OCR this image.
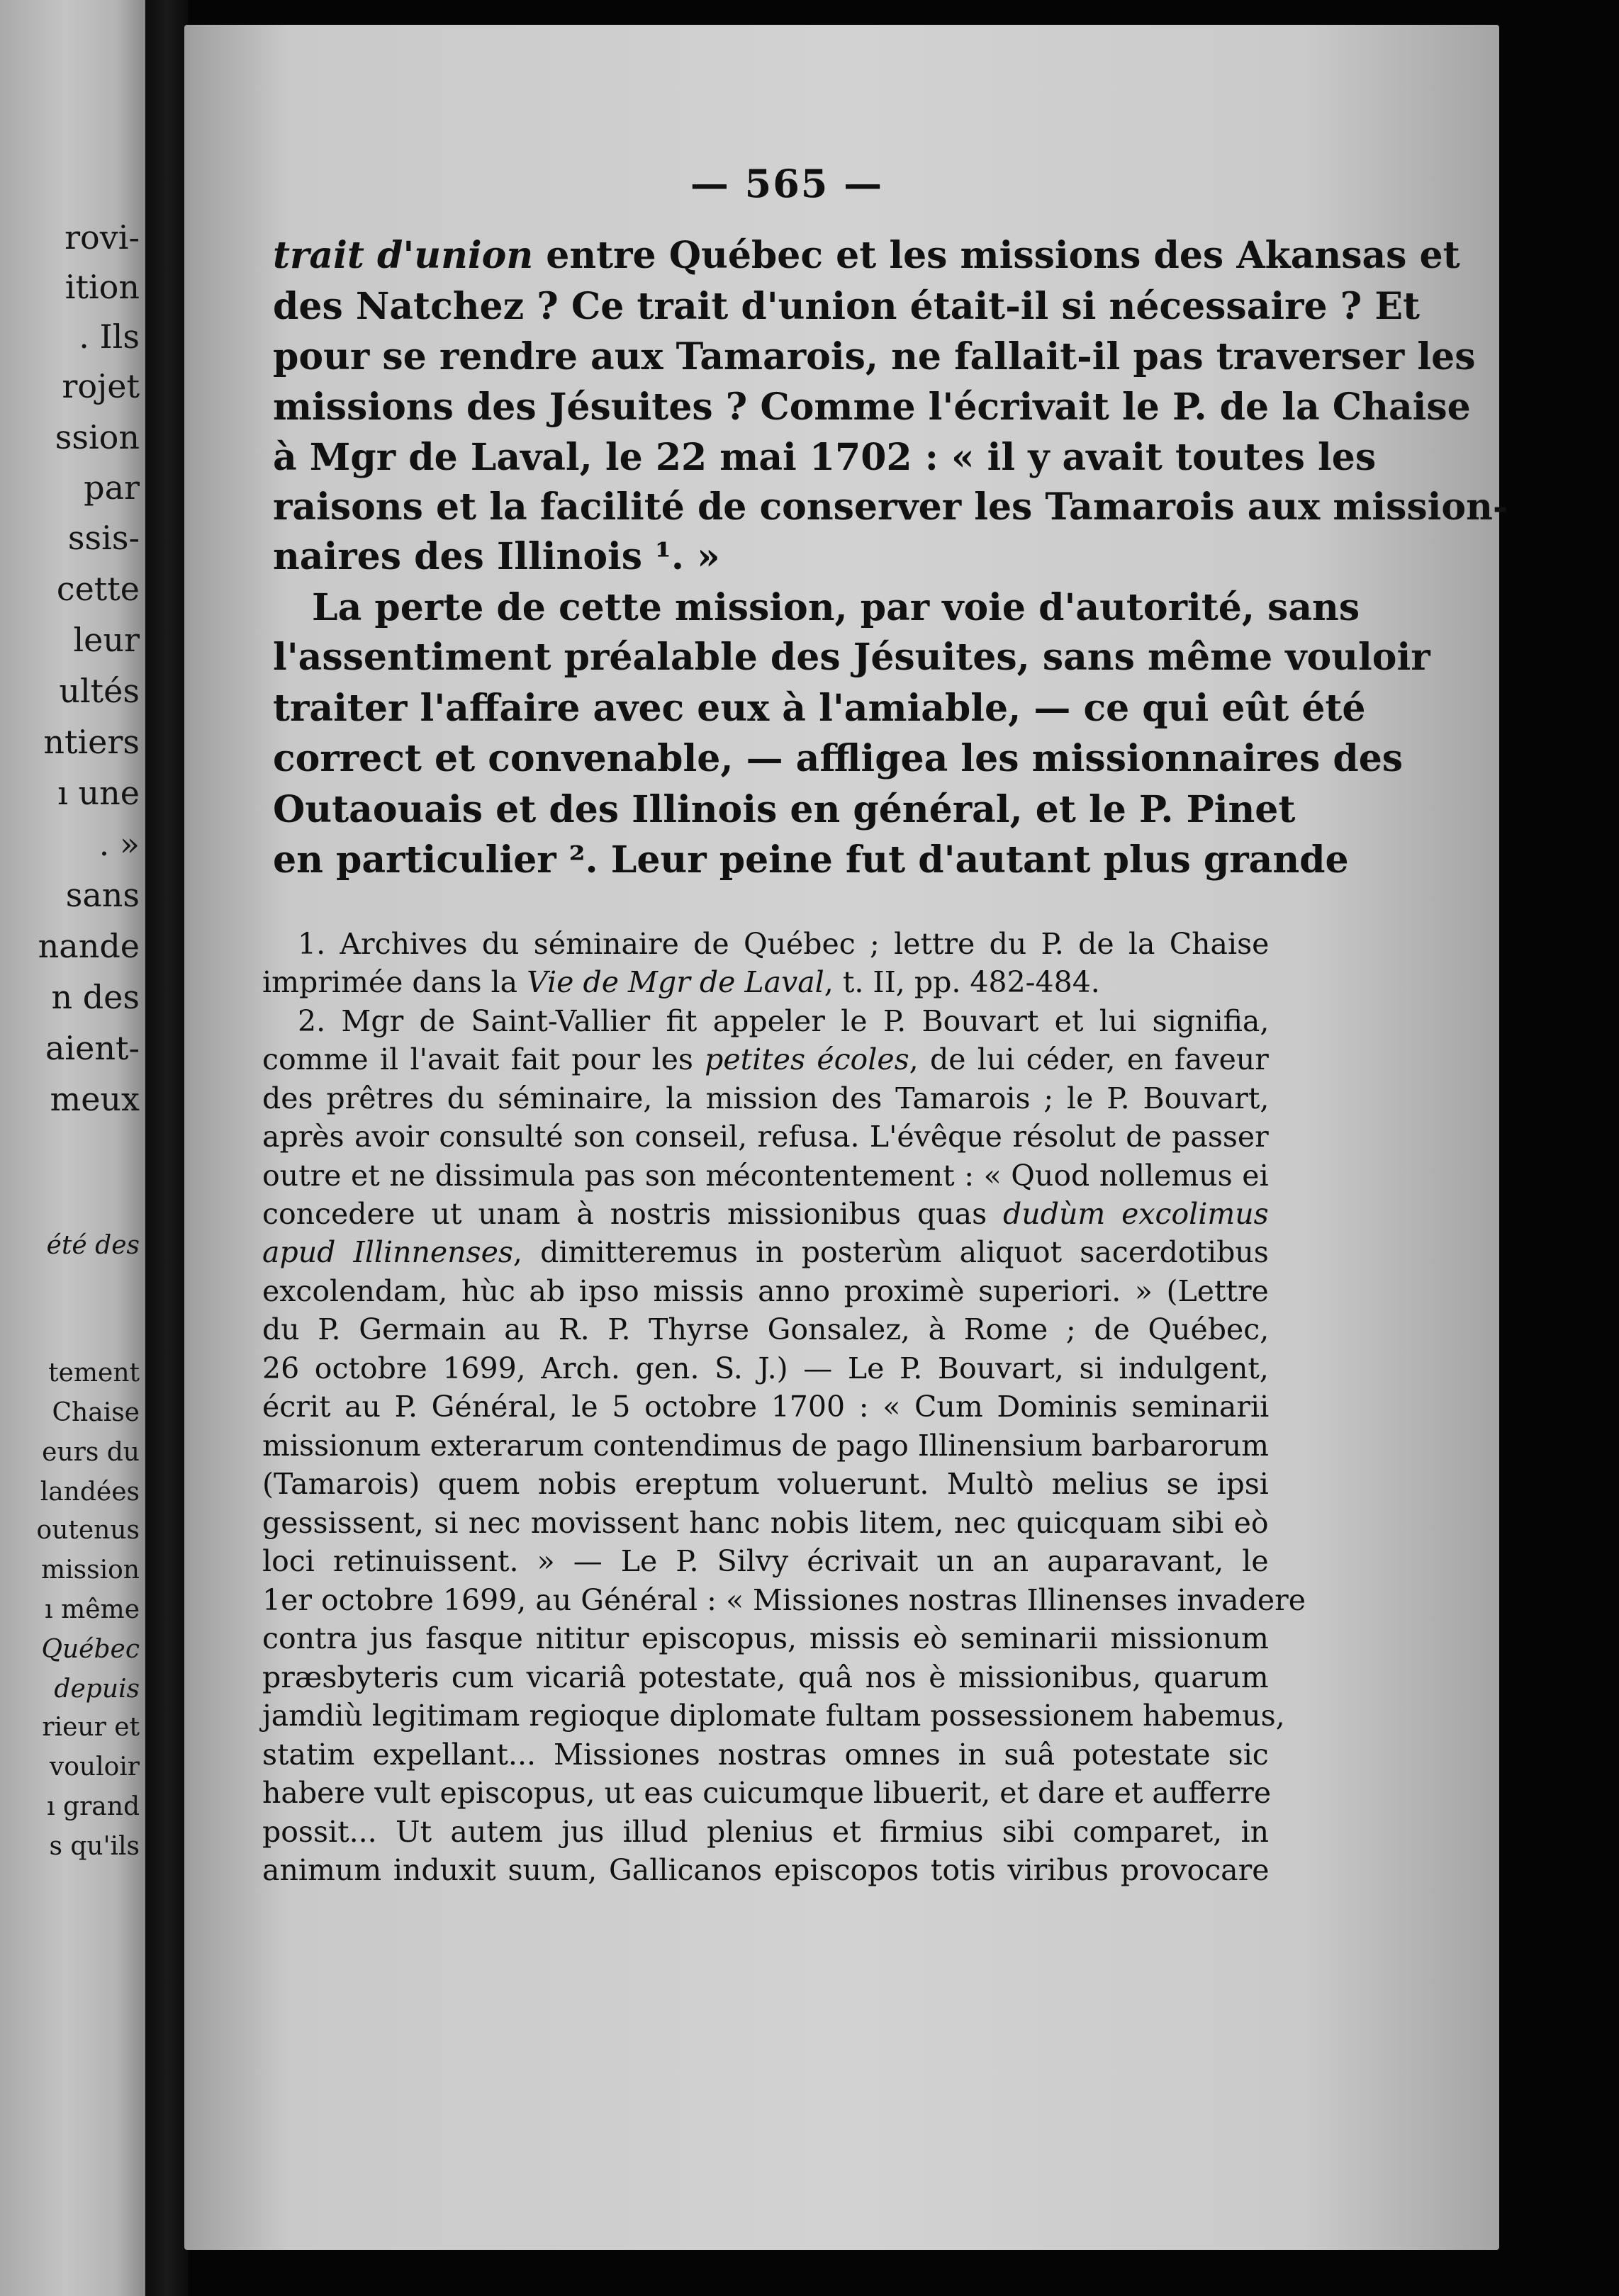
rovi-
ition
. Ils
rojet
ssion
par
ssis-
cette
leur
ultés
ntiers
ı une
. »
sans
nande
n des
aient-
meux
été des
tement
Chaise
eurs du
landées
outenus
mission
ı même
Québec
depuis
rieur et
vouloir
ı grand
s qu'ils
— 565 —
trait d'union entre Québec et les missions des Akansas et
des Natchez ? Ce trait d'union était-il si nécessaire ? Et
pour se rendre aux Tamarois, ne fallait-il pas traverser les
missions des Jésuites ? Comme l'écrivait le P. de la Chaise
à Mgr de Laval, le 22 mai 1702 : « il y avait toutes les
raisons et la facilité de conserver les Tamarois aux mission-
naires des Illinois ¹. »
La perte de cette mission, par voie d'autorité, sans
l'assentiment préalable des Jésuites, sans même vouloir
traiter l'affaire avec eux à l'amiable, — ce qui eût été
correct et convenable, — affligea les missionnaires des
Outaouais et des Illinois en général, et le P. Pinet
en particulier ². Leur peine fut d'autant plus grande
1. Archives du séminaire de Québec ; lettre du P. de la Chaise
imprimée dans la Vie de Mgr de Laval, t. II, pp. 482-484.
2. Mgr de Saint-Vallier fit appeler le P. Bouvart et lui signifia,
comme il l'avait fait pour les petites écoles, de lui céder, en faveur
des prêtres du séminaire, la mission des Tamarois ; le P. Bouvart,
après avoir consulté son conseil, refusa. L'évêque résolut de passer
outre et ne dissimula pas son mécontentement : « Quod nollemus ei
concedere ut unam à nostris missionibus quas dudùm excolimus
apud Illinnenses, dimitteremus in posterùm aliquot sacerdotibus
excolendam, hùc ab ipso missis anno proximè superiori. » (Lettre
du P. Germain au R. P. Thyrse Gonsalez, à Rome ; de Québec,
26 octobre 1699, Arch. gen. S. J.) — Le P. Bouvart, si indulgent,
écrit au P. Général, le 5 octobre 1700 : « Cum Dominis seminarii
missionum exterarum contendimus de pago Illinensium barbarorum
(Tamarois) quem nobis ereptum voluerunt. Multò melius se ipsi
gessissent, si nec movissent hanc nobis litem, nec quicquam sibi eò
loci retinuissent. » — Le P. Silvy écrivait un an auparavant, le
1er octobre 1699, au Général : « Missiones nostras Illinenses invadere
contra jus fasque nititur episcopus, missis eò seminarii missionum
præsbyteris cum vicariâ potestate, quâ nos è missionibus, quarum
jamdiù legitimam regioque diplomate fultam possessionem habemus,
statim expellant... Missiones nostras omnes in suâ potestate sic
habere vult episcopus, ut eas cuicumque libuerit, et dare et aufferre
possit... Ut autem jus illud plenius et firmius sibi comparet, in
animum induxit suum, Gallicanos episcopos totis viribus provocare
